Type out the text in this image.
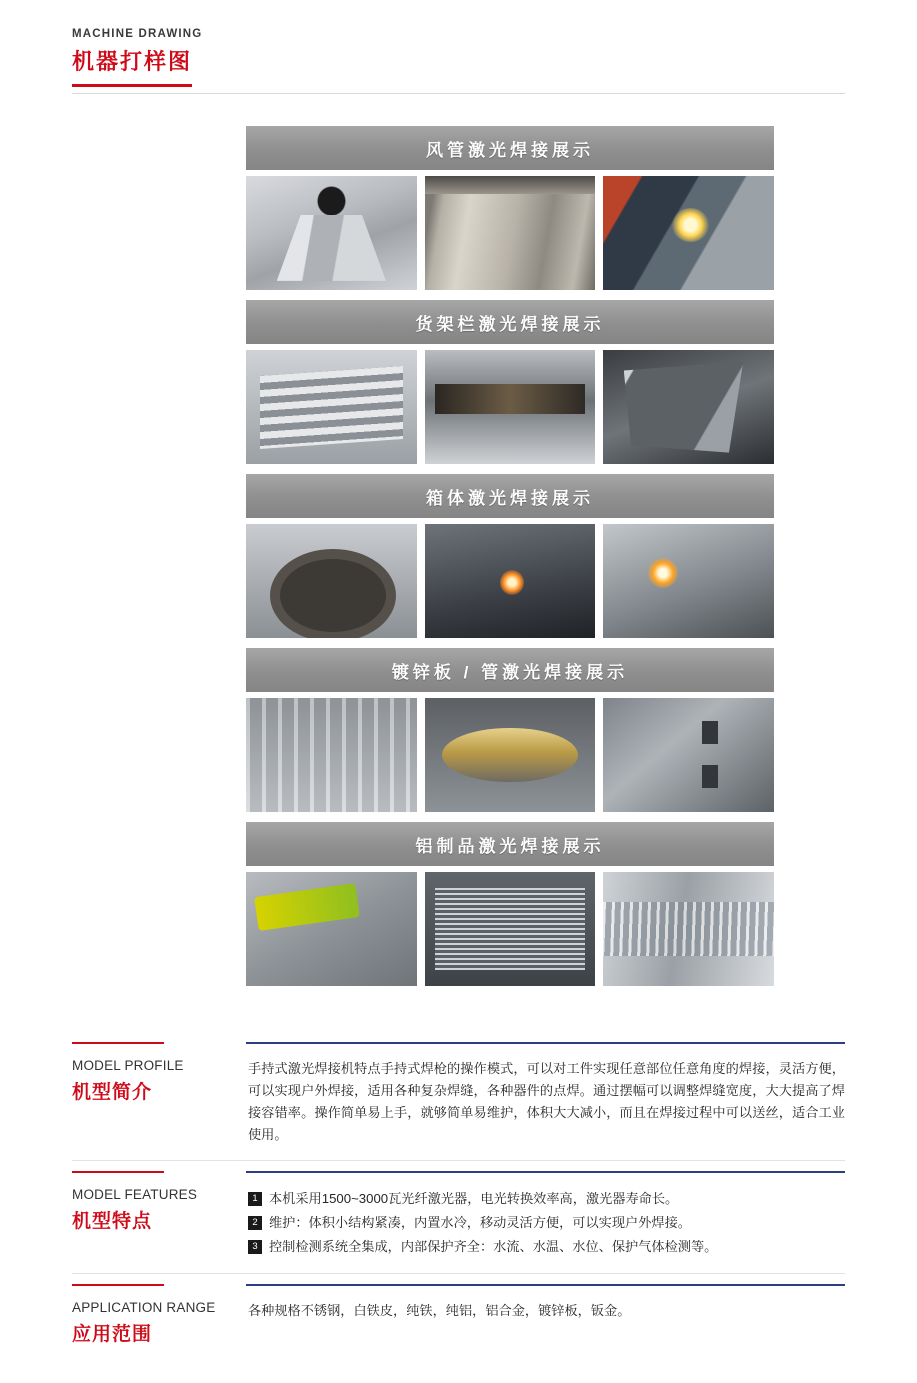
MACHINE DRAWING
机器打样图
风管激光焊接展示
货架栏激光焊接展示
箱体激光焊接展示
镀锌板 / 管激光焊接展示
铝制品激光焊接展示
MODEL PROFILE
机型简介

手持式激光焊接机特点手持式焊枪的操作模式，可以对工件实现任意部位任意角度的焊接，灵活方便，可以实现户外焊接，适用各种复杂焊缝，各种器件的点焊。通过摆幅可以调整焊缝宽度，大大提高了焊接容错率。操作简单易上手，就够简单易维护，体积大大减小，而且在焊接过程中可以送丝，适合工业使用。

MODEL FEATURES
机型特点
1 本机采用1500~3000瓦光纤激光器，电光转换效率高，激光器寿命长。
2 维护：体积小结构紧凑，内置水冷，移动灵活方便，可以实现户外焊接。
3 控制检测系统全集成，内部保护齐全：水流、水温、水位、保护气体检测等。
APPLICATION RANGE
应用范围

各种规格不锈钢，白铁皮，纯铁，纯铝，铝合金，镀锌板，钣金。
